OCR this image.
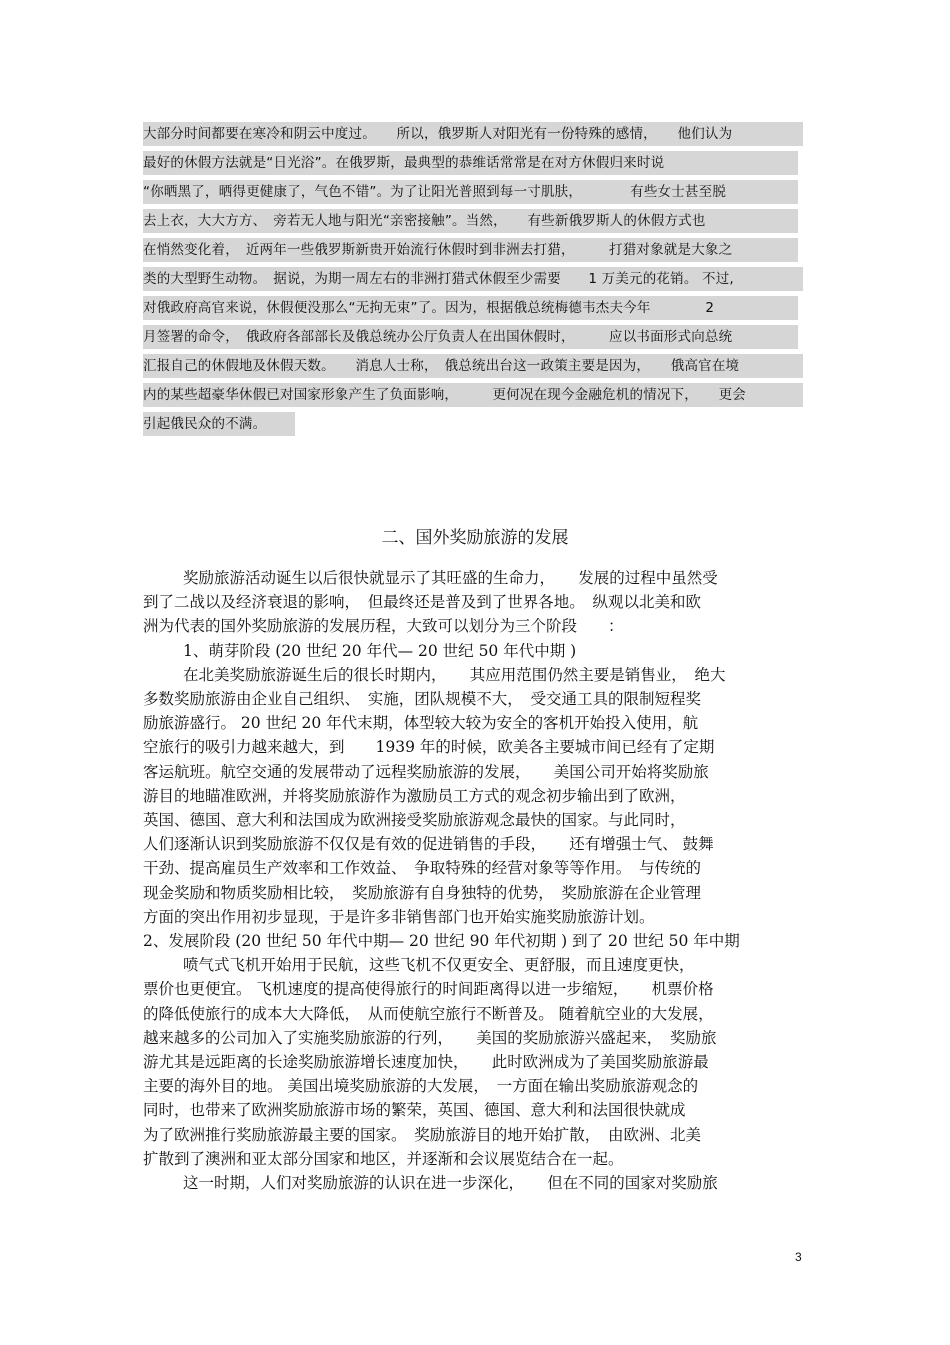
大部分时间都要在寒冷和阴云中度过。　　所以，俄罗斯人对阳光有一份特殊的感情，　　他们认为
最好的休假方法就是“日光浴”。在俄罗斯，最典型的恭维话常常是在对方休假归来时说
“你晒黑了，晒得更健康了，气色不错”。为了让阳光普照到每一寸肌肤，　　　　有些女士甚至脱
去上衣，大大方方、　旁若无人地与阳光“亲密接触”。当然，　　有些新俄罗斯人的休假方式也
在悄然变化着，　近两年一些俄罗斯新贵开始流行休假时到非洲去打猎，　　　打猎对象就是大象之
类的大型野生动物。　据说，为期一周左右的非洲打猎式休假至少需要　　1 万美元的花销。 不过,
对俄政府高官来说，休假便没那么“无拘无束”了。因为，根据俄总统梅德韦杰夫今年　　　　2
月签署的命令，　俄政府各部部长及俄总统办公厅负责人在出国休假时，　　　应以书面形式向总统
汇报自己的休假地及休假天数。　　消息人士称，　俄总统出台这一政策主要是因为，　　俄高官在境
内的某些超豪华休假已对国家形象产生了负面影响，　　　更何况在现今金融危机的情况下，　　更会
引起俄民众的不满。
二、国外奖励旅游的发展
奖励旅游活动诞生以后很快就显示了其旺盛的生命力，　　发展的过程中虽然受
到了二战以及经济衰退的影响，　但最终还是普及到了世界各地。　纵观以北美和欧
洲为代表的国外奖励旅游的发展历程，大致可以划分为三个阶段　　：
1、萌芽阶段 (20 世纪 20 年代— 20 世纪 50 年代中期 )
在北美奖励旅游诞生后的很长时期内，　　其应用范围仍然主要是销售业，　绝大
多数奖励旅游由企业自己组织、　实施，团队规模不大，　受交通工具的限制短程奖
励旅游盛行。 20 世纪 20 年代末期，体型较大较为安全的客机开始投入使用，航
空旅行的吸引力越来越大，到　　1939 年的时候，欧美各主要城市间已经有了定期
客运航班。航空交通的发展带动了远程奖励旅游的发展，　　美国公司开始将奖励旅
游目的地瞄准欧洲，并将奖励旅游作为激励员工方式的观念初步输出到了欧洲，
英国、德国、意大利和法国成为欧洲接受奖励旅游观念最快的国家。与此同时，
人们逐渐认识到奖励旅游不仅仅是有效的促进销售的手段，　　还有增强士气、 鼓舞
干劲、提高雇员生产效率和工作效益、　争取特殊的经营对象等等作用。　与传统的
现金奖励和物质奖励相比较，　奖励旅游有自身独特的优势，　奖励旅游在企业管理
方面的突出作用初步显现，于是许多非销售部门也开始实施奖励旅游计划。
2、发展阶段 (20 世纪 50 年代中期— 20 世纪 90 年代初期 ) 到了 20 世纪 50 年中期
喷气式飞机开始用于民航，这些飞机不仅更安全、更舒服，而且速度更快，
票价也更便宜。 飞机速度的提高使得旅行的时间距离得以进一步缩短，　　机票价格
的降低使旅行的成本大大降低，　从而使航空旅行不断普及。 随着航空业的大发展，
越来越多的公司加入了实施奖励旅游的行列，　　美国的奖励旅游兴盛起来，　奖励旅
游尤其是远距离的长途奖励旅游增长速度加快，　　此时欧洲成为了美国奖励旅游最
主要的海外目的地。 美国出境奖励旅游的大发展，　一方面在输出奖励旅游观念的
同时，也带来了欧洲奖励旅游市场的繁荣，英国、德国、意大利和法国很快就成
为了欧洲推行奖励旅游最主要的国家。　奖励旅游目的地开始扩散，　由欧洲、北美
扩散到了澳洲和亚太部分国家和地区，并逐渐和会议展览结合在一起。
这一时期，人们对奖励旅游的认识在进一步深化，　　但在不同的国家对奖励旅
3
